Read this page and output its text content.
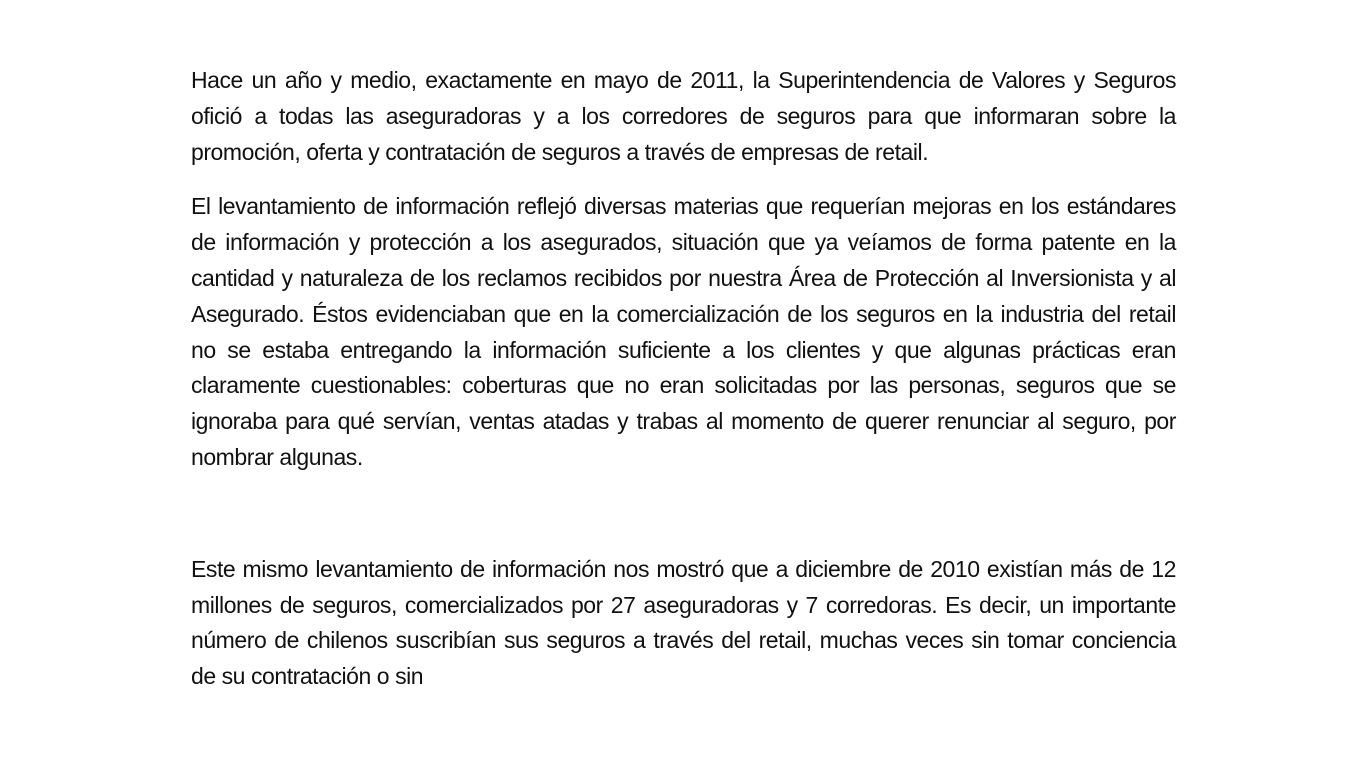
Hace un año y medio, exactamente en mayo de 2011, la Superintendencia de Valores y Seguros ofició a todas las aseguradoras y a los corredores de seguros para que informaran sobre la promoción, oferta y contratación de seguros a través de empresas de retail.

El levantamiento de información reflejó diversas materias que requerían mejoras en los estándares de información y protección a los asegurados, situación que ya veíamos de forma patente en la cantidad y naturaleza de los reclamos recibidos por nuestra Área de Protección al Inversionista y al Asegurado. Éstos evidenciaban que en la comercialización de los seguros en la industria del retail no se estaba entregando la información suficiente a los clientes y que algunas prácticas eran claramente cuestionables: coberturas que no eran solicitadas por las personas, seguros que se ignoraba para qué servían, ventas atadas y trabas al momento de querer renunciar al seguro, por nombrar algunas.

Este mismo levantamiento de información nos mostró que a diciembre de 2010 existían más de 12 millones de seguros, comercializados por 27 aseguradoras y 7 corredoras. Es decir, un importante número de chilenos suscribían sus seguros a través del retail, muchas veces sin tomar conciencia de su contratación o sin
